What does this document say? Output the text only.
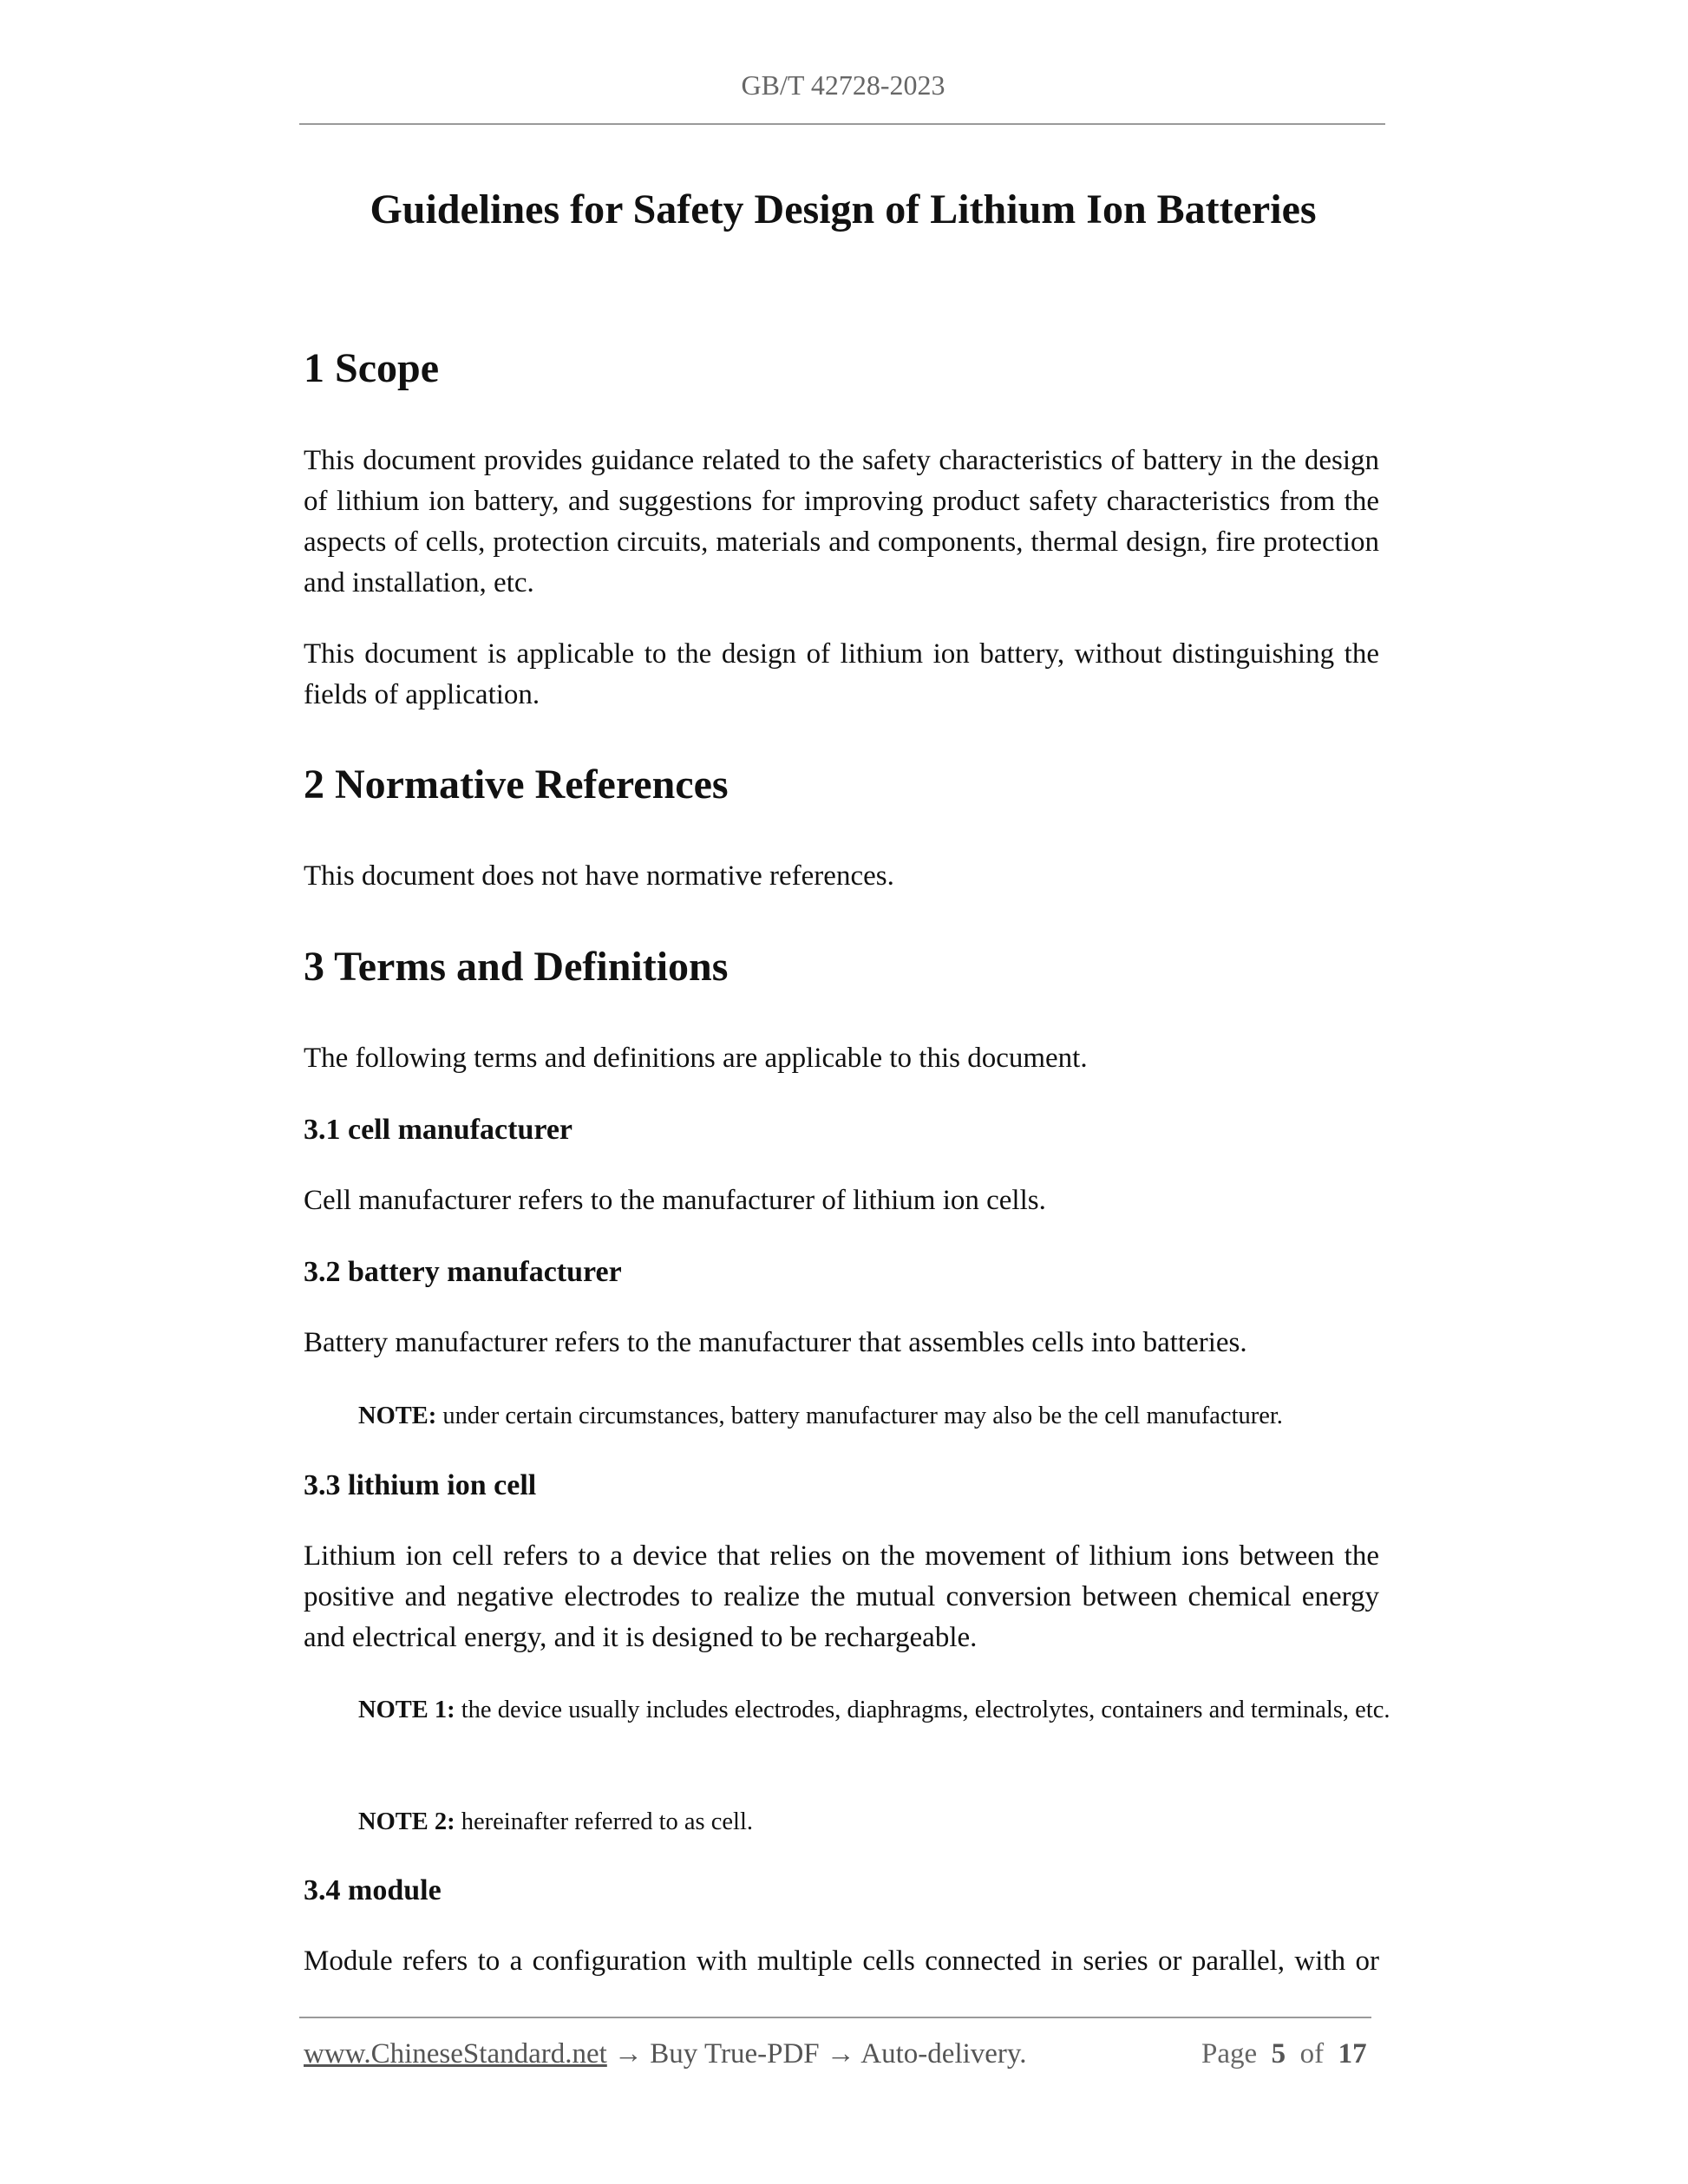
GB/T 42728-2023
Guidelines for Safety Design of Lithium Ion Batteries
1 Scope

This document provides guidance related to the safety characteristics of battery in the design of lithium ion battery, and suggestions for improving product safety characteristics from the aspects of cells, protection circuits, materials and components, thermal design, fire protection and installation, etc.

This document is applicable to the design of lithium ion battery, without distinguishing the fields of application.

2 Normative References

This document does not have normative references.

3 Terms and Definitions

The following terms and definitions are applicable to this document.

3.1 cell manufacturer

Cell manufacturer refers to the manufacturer of lithium ion cells.

3.2 battery manufacturer

Battery manufacturer refers to the manufacturer that assembles cells into batteries.

NOTE: under certain circumstances, battery manufacturer may also be the cell manufacturer.

3.3 lithium ion cell

Lithium ion cell refers to a device that relies on the movement of lithium ions between the positive and negative electrodes to realize the mutual conversion between chemical energy and electrical energy, and it is designed to be rechargeable.

NOTE 1: the device usually includes electrodes, diaphragms, electrolytes, containers and terminals, etc.

NOTE 2: hereinafter referred to as cell.

3.4 module

Module refers to a configuration with multiple cells connected in series or parallel, with or

www.ChineseStandard.net → Buy True-PDF → Auto-delivery.	Page 5 of 17
